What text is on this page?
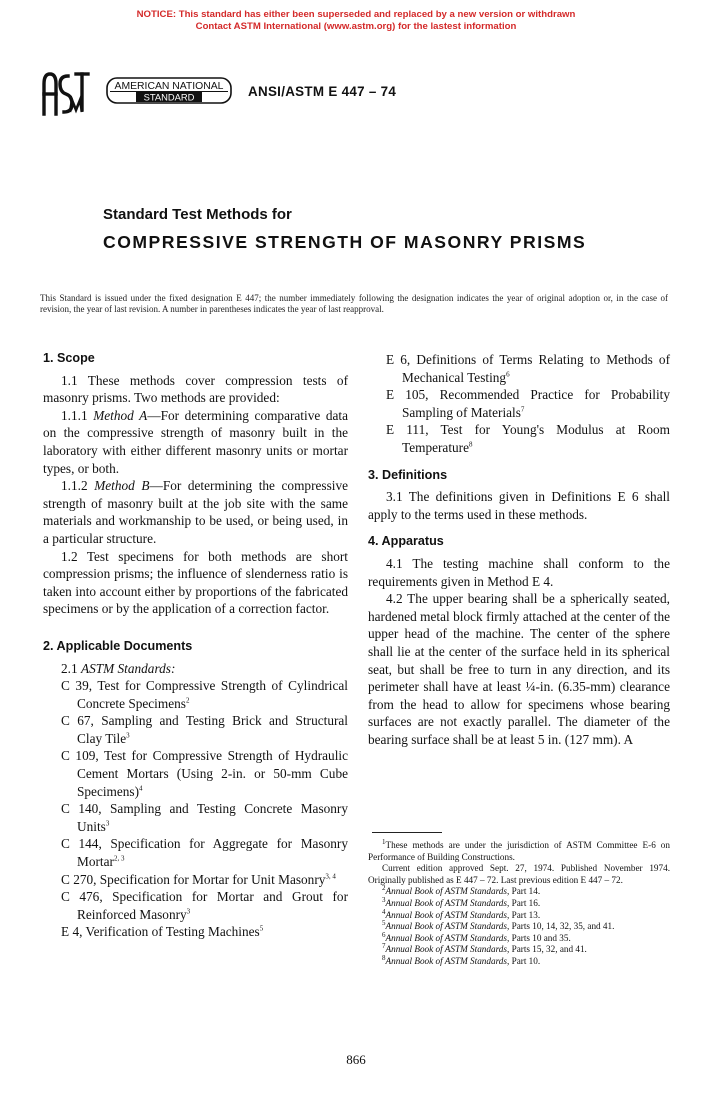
NOTICE: This standard has either been superseded and replaced by a new version or withdrawn
Contact ASTM International (www.astm.org) for the lastest information
AMERICAN NATIONAL
STANDARD	ANSI/ASTM E 447 – 74
Standard Test Methods for
COMPRESSIVE STRENGTH OF MASONRY PRISMS
This Standard is issued under the fixed designation E 447; the number immediately following the designation indicates the year of original adoption or, in the case of revision, the year of last revision. A number in parentheses indicates the year of last reapproval.
1. Scope
1.1 These methods cover compression tests of masonry prisms. Two methods are provided:
1.1.1 Method A—For determining comparative data on the compressive strength of masonry built in the laboratory with either different masonry units or mortar types, or both.
1.1.2 Method B—For determining the compressive strength of masonry built at the job site with the same materials and workmanship to be used, or being used, in a particular structure.
1.2 Test specimens for both methods are short compression prisms; the influence of slenderness ratio is taken into account either by proportions of the fabricated specimens or by the application of a correction factor.
2. Applicable Documents
2.1 ASTM Standards:
C 39, Test for Compressive Strength of Cylindrical Concrete Specimens$^2$
C 67, Sampling and Testing Brick and Structural Clay Tile$^3$
C 109, Test for Compressive Strength of Hydraulic Cement Mortars (Using 2-in. or 50-mm Cube Specimens)$^4$
C 140, Sampling and Testing Concrete Masonry Units$^3$
C 144, Specification for Aggregate for Masonry Mortar$^{2, 3}$
C 270, Specification for Mortar for Unit Masonry$^{3, 4}$
C 476, Specification for Mortar and Grout for Reinforced Masonry$^3$
E 4, Verification of Testing Machines$^5$
E 6, Definitions of Terms Relating to Methods of Mechanical Testing$^6$
E 105, Recommended Practice for Probability Sampling of Materials$^7$
E 111, Test for Young's Modulus at Room Temperature$^8$
3. Definitions
3.1 The definitions given in Definitions E 6 shall apply to the terms used in these methods.
4. Apparatus
4.1 The testing machine shall conform to the requirements given in Method E 4.
4.2 The upper bearing shall be a spherically seated, hardened metal block firmly attached at the center of the upper head of the machine. The center of the sphere shall lie at the center of the surface held in its spherical seat, but shall be free to turn in any direction, and its perimeter shall have at least ¼-in. (6.35-mm) clearance from the head to allow for specimens whose bearing surfaces are not exactly parallel. The diameter of the bearing surface shall be at least 5 in. (127 mm). A
$^1$These methods are under the jurisdiction of ASTM Committee E-6 on Performance of Building Constructions.
Current edition approved Sept. 27, 1974. Published November 1974. Originally published as E 447 – 72. Last previous edition E 447 – 72.
$^2$Annual Book of ASTM Standards, Part 14.
$^3$Annual Book of ASTM Standards, Part 16.
$^4$Annual Book of ASTM Standards, Part 13.
$^5$Annual Book of ASTM Standards, Parts 10, 14, 32, 35, and 41.
$^6$Annual Book of ASTM Standards, Parts 10 and 35.
$^7$Annual Book of ASTM Standards, Parts 15, 32, and 41.
$^8$Annual Book of ASTM Standards, Part 10.
866
